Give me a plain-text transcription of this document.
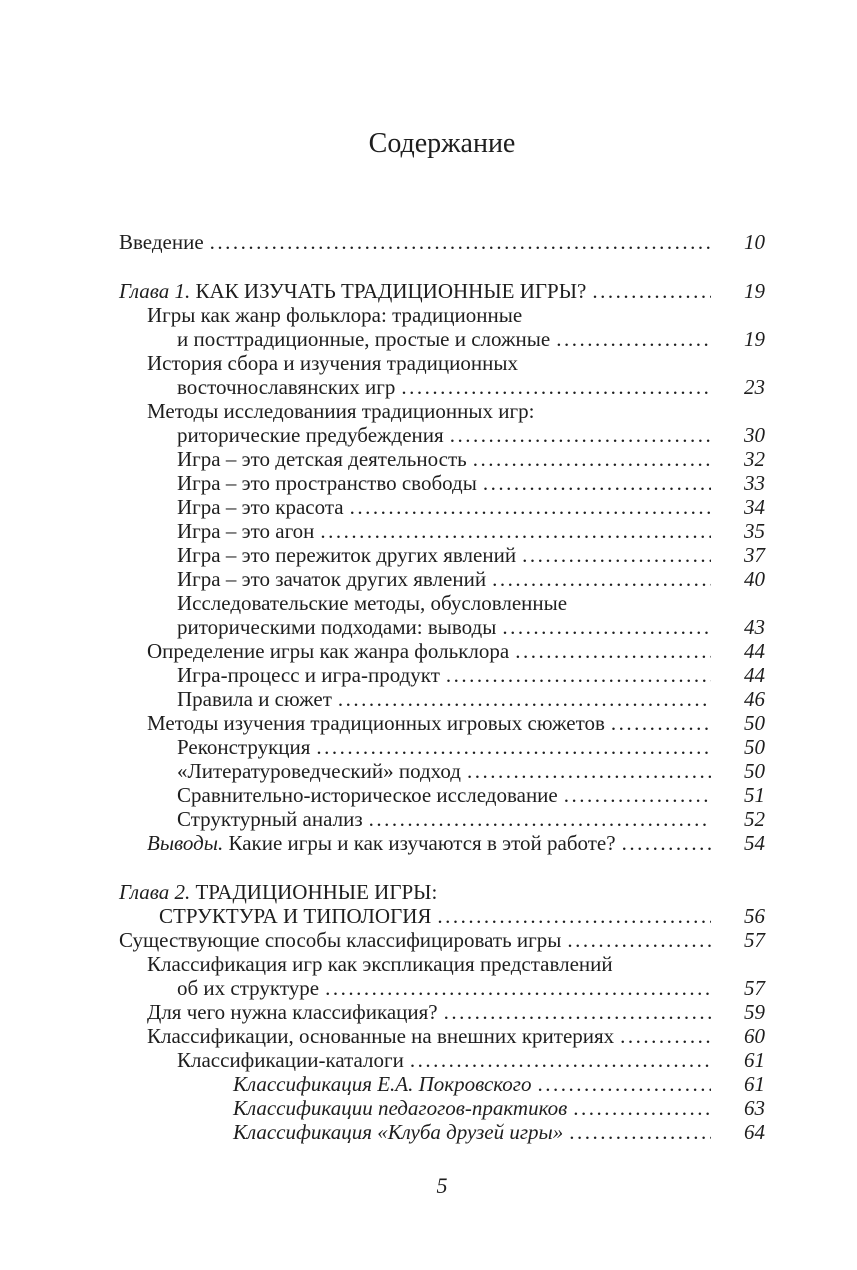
Содержание
Введение .....	10
Глава 1. КАК ИЗУЧАТЬ ТРАДИЦИОННЫЕ ИГРЫ? .....	19
Игры как жанр фольклора: традиционные
и посттрадиционные, простые и сложные .....	19
История сбора и изучения традиционных
восточнославянских игр .....	23
Методы исследованиия традиционных игр:
риторические предубеждения .....	30
Игра – это детская деятельность .....	32
Игра – это пространство свободы .....	33
Игра – это красота .....	34
Игра – это агон .....	35
Игра – это пережиток других явлений .....	37
Игра – это зачаток других явлений .....	40
Исследовательские методы, обусловленные
риторическими подходами: выводы .....	43
Определение игры как жанра фольклора .....	44
Игра-процесс и игра-продукт .....	44
Правила и сюжет .....	46
Методы изучения традиционных игровых сюжетов .....	50
Реконструкция .....	50
«Литературоведческий» подход .....	50
Сравнительно-историческое исследование .....	51
Структурный анализ .....	52
Выводы. Какие игры и как изучаются в этой работе? .....	54
Глава 2. ТРАДИЦИОННЫЕ ИГРЫ:
СТРУКТУРА И ТИПОЛОГИЯ .....	56
Существующие способы классифицировать игры .....	57
Классификация игр как экспликация представлений
об их структуре .....	57
Для чего нужна классификация? .....	59
Классификации, основанные на внешних критериях .....	60
Классификации-каталоги .....	61
Классификация Е.А. Покровского .....	61
Классификации педагогов-практиков .....	63
Классификация «Клуба друзей игры» .....	64
5
